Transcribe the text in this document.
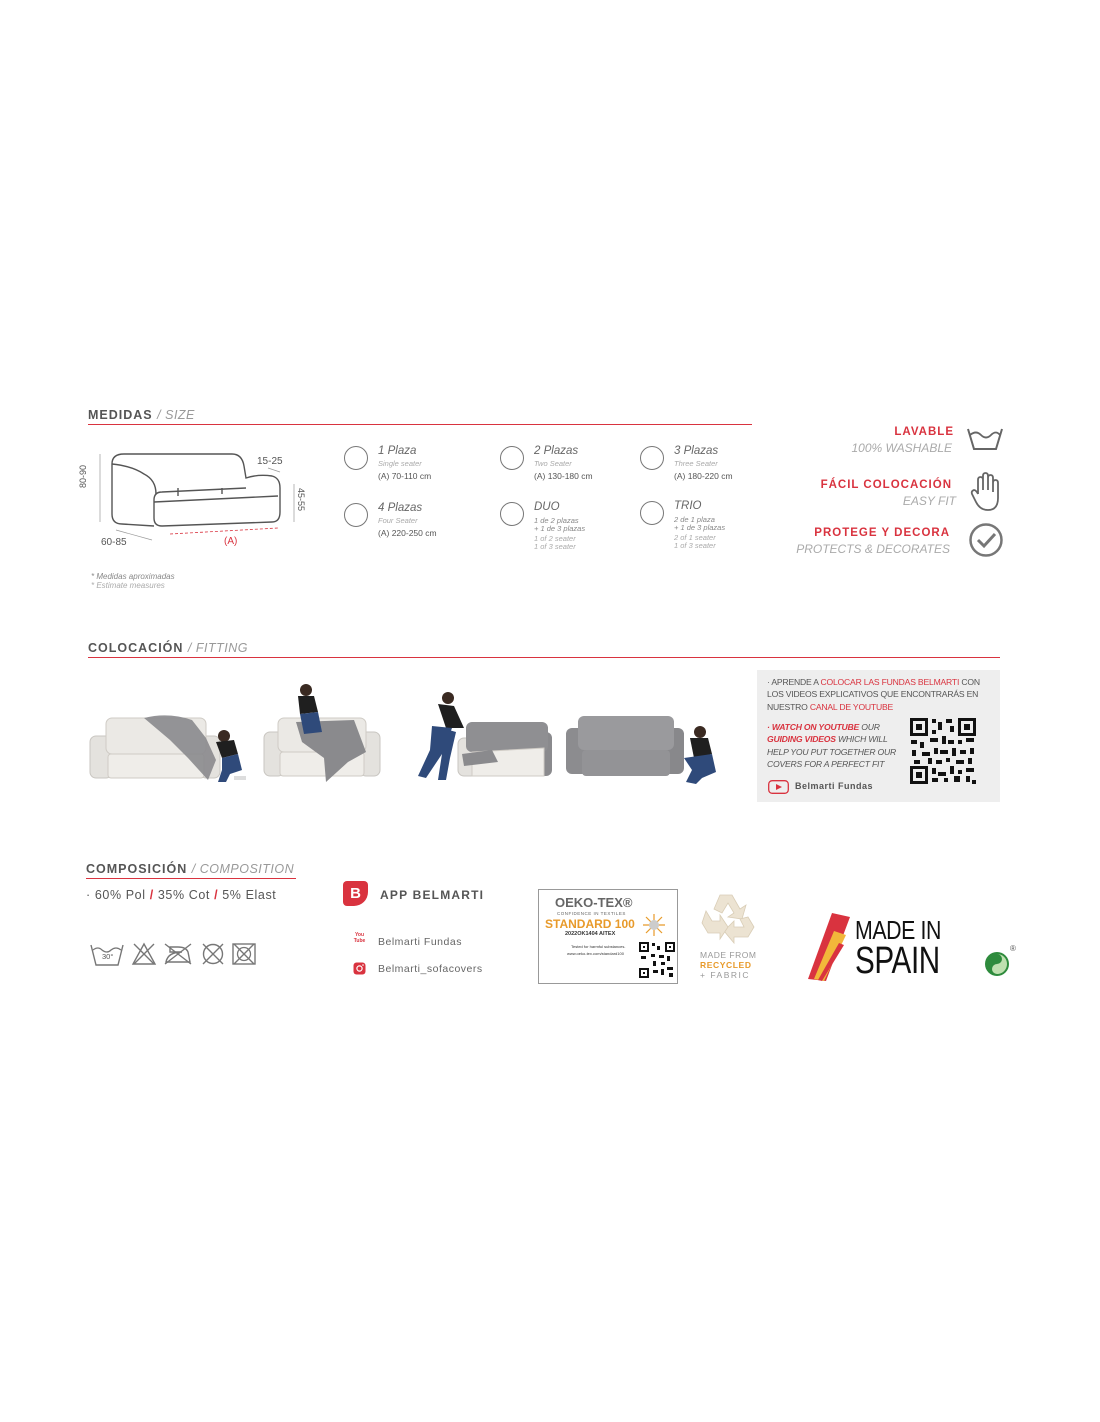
MEDIDAS / SIZE
80-90
15-25
45-55
60-85	(A)
* Medidas aproximadas
* Estimate measures
1 Plaza
Single seater
(A) 70-110 cm
2 Plazas
Two Seater
(A) 130-180 cm
3 Plazas
Three Seater
(A) 180-220 cm
4 Plazas
Four Seater
(A) 220-250 cm
DUO
1 de 2 plazas
+ 1 de 3 plazas
1 of 2 seater
1 of 3 seater
TRIO
2 de 1 plaza
+ 1 de 3 plazas
2 of 1 seater
1 of 3 seater
LAVABLE
100% WASHABLE
FÁCIL COLOCACIÓN
EASY FIT
PROTEGE Y DECORA
PROTECTS & DECORATES
COLOCACIÓN / FITTING
· APRENDE A COLOCAR LAS FUNDAS BELMARTI CON
LOS VIDEOS EXPLICATIVOS QUE ENCONTRARÁS EN
NUESTRO CANAL DE YOUTUBE
· WATCH ON YOUTUBE OUR
GUIDING VIDEOS WHICH WILL
HELP YOU PUT TOGETHER OUR
COVERS FOR A PERFECT FIT
Belmarti Fundas
COMPOSICIÓN / COMPOSITION
· 60% Pol / 35% Cot / 5% Elast
30°
B	APP BELMARTI
You Tube Belmarti Fundas
Belmarti_sofacovers
OEKO-TEX®
CONFIDENCE IN TEXTILES
STANDARD 100
2022OK1404 AITEX
Tested for harmful substances.
www.oeko-tex.com/standard100	MADE FROM
RECYCLED
+ FABRIC
MADE IN
SPAIN	®
